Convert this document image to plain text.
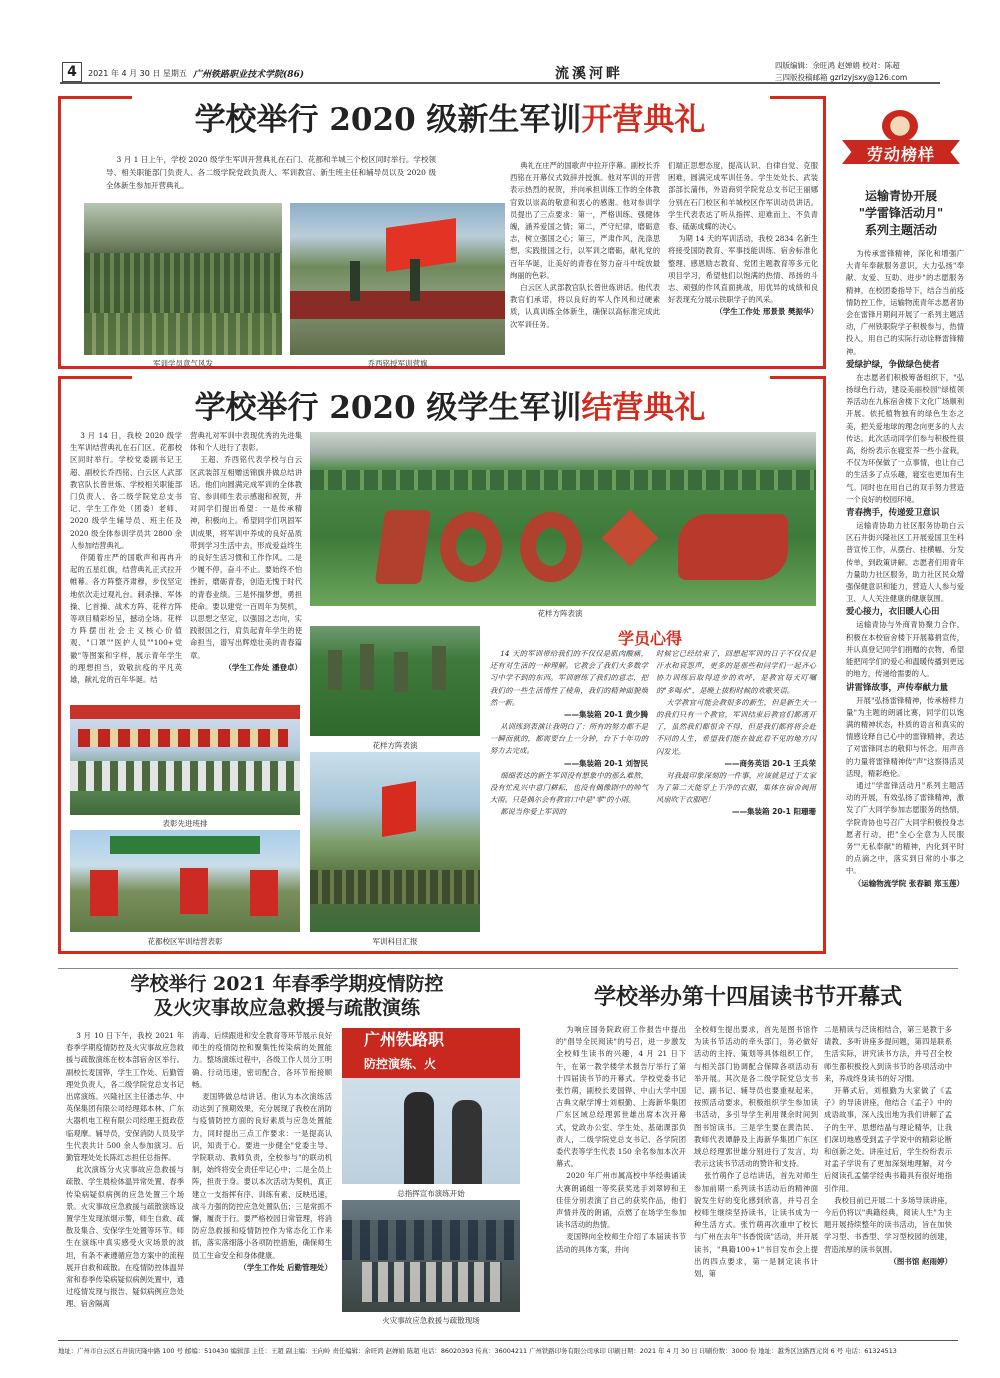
4	2021 年 4 月 30 日 星期五 广州铁路职业技术学院(86)	流溪河畔
四版编辑：余旺鸿 赵婵娟 校对：陈超
三四版投稿邮箱 gzrlzyjsxy@126.com
学校举行 2020 级新生军训开营典礼
3 月 1 日上午，学校 2020 级学生军训开营典礼在石门、花都和羊城三个校区同时举行。学校领导、相关职能部门负责人、各二级学院党政负责人、军训教官、新生班主任和辅导员以及 2020 级全体新生参加开营典礼。
军训学员意气风发	乔西铭授军训营旗

典礼在庄严的国歌声中拉开序幕。副校长乔西铭在开幕仪式致辞并授旗。他对军训的开营表示热烈的祝贺，并向承担训练工作的全体教官致以崇高的敬意和衷心的感谢。他对参训学员提出了三点要求：第一，严格训练、强健体魄，涵养爱国之情；第二，严守纪律，磨砺意志，树立强国之心；第三，严肃作风，洗涤思想，实践报国之行，以军训之磨砺，献礼党的百年华诞，让美好的青春在努力奋斗中绽放最绚丽的色彩。

白云区人武部教官队长曾世炼讲话。他代表教官们承诺，将以良好的军人作风和过硬素质，认真训练全体新生，确保以高标准完成此次军训任务。

们端正思想态度，提高认识、自律自觉、克服困难，圆满完成军训任务。学生处处长、武装部部长蒲伟，外语商贸学院党总支书记王丽娜分别在石门校区和羊城校区作军训动员讲话。学生代表表达了听从指挥、迎难而上、不负青春、砥砺成蝶的决心。

为期 14 天的军训活动，我校 2834 名新生将接受国防教育、军事技能训练、宿舍标准化整理、感恩励志教育、党团主题教育等多元化项目学习，希望他们以饱满的热情、昂扬的斗志、顽强的作风直面挑战，用优异的成绩和良好表现充分展示铁职学子的风采。

（学生工作处 邢景景 樊振华）

学校举行 2020 级学生军训结营典礼

3 月 14 日，我校 2020 级学生军训结营典礼在石门区、花都校区同时举行。学校党委副书记王超、副校长乔西铭、白云区人武部教官队长曾世炼、学校相关职能部门负责人、各二级学院党总支书记、学生工作处（团委）老师、2020 级学生辅导员、班主任及 2020 级全体参训学员共 2800 余人参加结营典礼。

伴随着庄严的国歌声和再冉升起的五星红旗，结营典礼正式拉开帷幕。各方阵整齐肃穆，步伐坚定地依次走过观礼台。刺杀操、军体操、匕首操、战术方阵、花样方阵等项目精彩纷呈，撼动全场。花样方阵摆出社会主义核心价值观、"口罩""医护人员""100+党徽"等图案和字样，展示青年学生的理想担当，致敬抗疫的平凡英雄，献礼党的百年华诞。结

营典礼对军训中表现优秀的先进集体和个人进行了表彰。

王超、乔西铭代表学校与白云区武装部互相赠送锦旗并做总结讲话。他们向圆满完成军训的全体教官、参训师生表示感谢和祝贺，并对同学们提出希望：一是传承精神，积极向上。希望同学们巩固军训成果，将军训中养成的良好品质带到学习生活中去，形成爱益终生的良好生活习惯和工作作风。二是少履不停，奋斗不止。要始终不怕挫折，磨砺青春，创造无愧于时代的青春业绩。三是怀揣梦想，勇担使命。要以建党一百周年为契机，以思想之坚定，以强国之志向，实践报国之行，肩负起青年学生的使命担当，谱写出辉煌壮美的青春篇章。

（学生工作处 潘登卓）

花样方阵表演
表彰先进班排
花都校区军训结营表彰
花样方阵表演
军训科目汇报
学员心得

14 天的军训带给我们的不仅仅是肌肉酸痛，还有对生活的一种理解。它教会了我们大多数学习中学不到的东西。军训磨练了我们的意志，把我们的一些生活惰性了棱角，我们的精神面貌焕然一新。

——集装箱 20-1 黄少腾

从训练到表演让我明白了：所有的努力都不是一瞬而就的，都需要台上一分钟，台下十年功的努力去完成。

——集装箱 20-1 刘智民

细细表达的新生军训没有想象中的那么难熬，没有忙乱兴中意门耕耘，也没有偶像剧中的帅气大雨。只是偶尔会有教官口中是"零"的小雨。

都说当你爱上军训的

时候它已经结束了，回想起军训的日子不仅仅是汗水和衰怨声，更多的是那些和同学们一起齐心协力训练后取得进步的欢呼，是教官每天叮嘱的"多喝水"，是晚上拔粉时候的欢歌笑语。

大学教官可能会教很多的新生，但是新生大一的我们只有一个教官，军训结束后教官们都离开了，虽然我们都很舍不得，但是我们都将将会赴不同的人生，希望我们能在彼此看不见的地方闪闪发光。

——商务英语 20-1 王兵荣

对我最印象深刻的一件事，应该就是过于太家为了第二天能穿上干净的衣服，集体在宿舍阀用风扇吹干衣服吧！

——集装箱 20-1 阳珊珊

劳动榜样
运输青协开展
"学雷锋活动月"
系列主题活动

为传承雷锋精神，深化和增强广大青年奉献服务意识，大力弘扬"奉献、友爱、互助、进步"的志愿服务精神，在校团委指导下，结合当前疫情防控工作，运输物流青年志愿者协会在雷锋月期间开展了一系列主题活动，广州铁职院学子积极参与，热情投入，用自己的实际行动诠释雷锋精神。

爱绿护绿，争做绿色使者

在志愿者们积极筹备组织下，"弘扬绿色行动，建设美丽校园"绿植领养活动在九栋宿舍楼下文化广场顺利开展。依托植物独有的绿色生态之美，把关爱地球的理念向更多的人去传达。此次活动同学们参与积极性很高，纷纷表示在寝室养一些小盆栽，不仅为环保做了一点事情，也让自己的生活多了点乐趣，寝室也更加有生气。同时也在用自己的双手努力营造一个良好的校园环境。

青春携手，传递爱卫意识

运输青协助力社区服务协助白云区石井街兴隆社区工开展爱国卫生科普宣传工作，从摆台、挂横幅、分发传单，到政策讲解。志愿者们用青年力量助力社区服务，助力社区民众增强保健意识和能力，营造人人参与爱卫、人人关注健康的健康氛围。

爱心接力，衣旧暖人心田

运输青协与外商青协聚力合作，积极在本校宿舍楼下开展募捐宣传，并认真登记同学们捐赠的衣物，希望能把同学们的爱心和温暖传播到更远的地方，传递给需要的人。

讲雷锋故事，声传奉献力量

开展"弘扬雷锋精神，传承榜样力量"为主题的朗诵比赛，同学们以饱满的精神状态，朴质的语言和真实的情感诠释自己心中的雷锋精神，表达了对雷锋同志的敬仰与怀念。用声音的力量将雷锋精神传"声"这察得活灵活现，精彩绝伦。

通过"学雷锋活动月"系列主题活动的开展，有效弘扬了雷锋精神，激发了广大同学参加志愿服务的热情，学院青协也号召广大同学积极投身志愿者行动，把"全心全意为人民服务""无私奉献"的精神，内化到平时的点滴之中，落实到日常的小事之中。

（运输物流学院 张春颖 郑玉莲）

学校举行 2021 年春季学期疫情防控
及火灾事故应急救援与疏散演练

3 月 10 日下午，我校 2021 年春季学期疫情防控及火灾事故应急救援与疏散演练在校本部宿舍区举行。副校长麦国铧，学生工作处、后勤管理处负责人，各二级学院党总支书记出席演练。兴隆社区主任潘志华、中英保集团有限公司经理郑本林、广东大器机电工程有限公司经理王挺政莅临观摩。辅导员，安保消防人员及学生代表共计 500 余人参加演习。后勤管理处处长陈红志担任总指挥。

此次演练分火灾事故应急救援与疏散、学生晨检体温异常处置、春季传染病疑似病例的应急处置三个场景。火灾事故应急救援与疏散演练设置学生发现浓烟示警，师生自救、疏散及集合、安保学生处置等环节。师生在演练中真实感受火灾场景的波坦，有条不紊遵循应急方案中的流程展开自救和疏散。在疫情防控体温异常和春季传染病疑似病例处置中，通过疫情发现与报告、疑似病例应急处理、宿舍隔离

消毒、后续跟进和安全教育等环节展示良好师生的疫情防控和聚集性传染病的处置能力。整场演练过程中，各级工作人员分工明确、行动迅速，密切配合，各环节衔接顺畅。

麦国铧做总结讲话。他认为本次演练活动达到了预期效果，充分展现了我校在消防与疫情防控方面的良好素质与应急处置能力，同时提出三点工作要求：一是提高认识，知责于心。要进一步健全"党委主导、学院联动、教师负责，全校参与"的联动机制，始终将安全责任牢记心中；二是全员上阵，担责于身。要以本次活动为契机，真正建立一支指挥有序、训练有素、反映迅速，战斗力强的防控应急处置队伍；三是常抓不懈，履责于行。要严格校园日常管理，将消防应急救援和疫情防控作为常态化工作来抓，落实落细落小各项防控措施，确保师生员工生命安全和身体健康。

（学生工作处 后勤管理处）

广州铁路职
防控演练、火
总指挥宣布演练开始
火灾事故应急救援与疏散现场
学校举办第十四届读书节开幕式

为响应国务院政府工作报告中提出的"倡导全民阅读"的号召，进一步激发全校师生读书的兴趣，4 月 21 日下午，在第一教学楼学术报告厅举行了第十四届读书节的开幕式。学校党委书记张竹萌，副校长麦国铧、中山大学中国古典文献学博士刘根勤、上海新华集团广东区域总经理郭世雄出席本次开幕式，党政办公室、学生处、基础课部负责人，二级学院党总支书记、各学院团委代表等学生代表 150 余名参加本次开幕式。

2020 年广州市属高校中华经典诵读大赛朗诵组一等奖获奖选手刘翠婷和王佳佳分别表演了自己的获奖作品，他们声情并茂的朗诵，点燃了在场学生参加读书活动的热情。

麦国铧向全校师生介绍了本届读书节活动的具体方案，并向

全校师生提出要求，首先是图书馆作为读书节活动的牵头部门，务必做好活动的主持、策划等具体组织工作，与相关部门协调配合保障各项活动有举开展。其次是各二级学院党总支书记、副书记、辅导员也要重视起来，按照活动要求，积极组织学生参加读书活动，多引导学生利用课余时间到图书馆读书。三是学生要在黄浩民、教师代表谭静及上海新华集团广东区域总经理郭世雄分别进行了发言，均表示这读书节活动的赞许和支持。

张竹萌作了总结讲话，首先对师生参加前期一系列读书活动后的精神面貌发生好的变化感到欣喜，并号召全校师生继续坚持读书，让读书成为一种生活方式。张竹萌再次重申了校长与广州在去年"书香悦读"活动，并开展读书，"典籍100+1"书目发布会上提出的四点要求，第一是制定读书计划，第

二是精读与泛读相结合，第三是教于多请教、多听讲座多提问题，第四是联系生活实际，讲究读书方法，并号召全校师生都积极投入到读书节的各项活动中来，养成终身读书的好习惯。

开幕式后，刘根勤为大家做了《孟子》的导读讲座，他结合《孟子》中的成语故事，深入浅出地为我们讲解了孟子的生平、思想结晶与理论精华，让我们深切地感受到孟子学说中的精彩论断和创新之处。讲座过后，学生纷纷表示对孟子学说有了更加深刻地理解，对今后阅读孔孟儒学经典书籍具有很好地指引作用。

我校目前已开展二十多场导读讲座，今后仍将以"典籍经典，阅读人生"为主题开展持续整年的读书活动，旨在加快学习型、书香型、学习型校园的创建，营造浓厚的读书氛围。

（图书馆 赵雨婷）

地址：广州市白云区石井街庆隆中路 100 号 邮编：510430 编辑部 主任：王超 副主编：王向岭 责任编辑：余旺鸿 赵婵娟 陈超 电话：86020393 传真：36004211 广州铁路印务有限公司承印 印刷日期：2021 年 4 月 30 日 印刷份数：3000 份 地址：越秀区这路西元岗 6 号 电话：61324513
